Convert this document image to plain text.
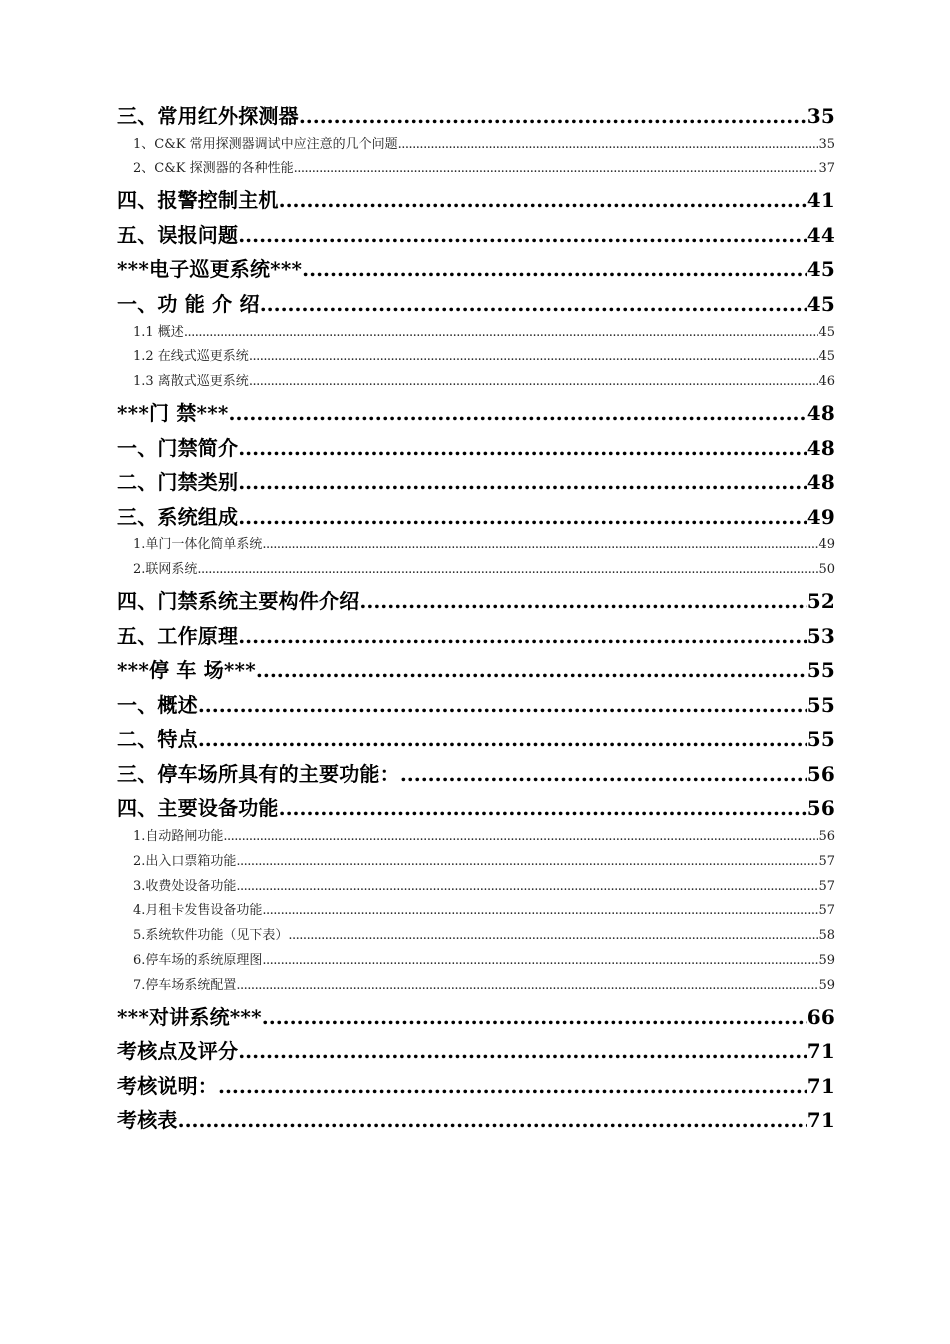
三、常用红外探测器 .....	35
1、C&K 常用探测器调试中应注意的几个问题 .....	35
2、C&K 探测器的各种性能 .....	37
四、报警控制主机 .....	41
五、误报问题 .....	44
***电子巡更系统*** .....	45
一、功 能 介 绍 .....	45
1.1 概述 .....	45
1.2 在线式巡更系统 .....	45
1.3 离散式巡更系统 .....	46
***门 禁*** .....	48
一、门禁简介 .....	48
二、门禁类别 .....	48
三、系统组成 .....	49
1.单门一体化简单系统 .....	49
2.联网系统 .....	50
四、门禁系统主要构件介绍 .....	52
五、工作原理 .....	53
***停 车 场*** .....	55
一、概述 .....	55
二、特点 .....	55
三、停车场所具有的主要功能： .....	56
四、主要设备功能 .....	56
1.自动路闸功能 .....	56
2.出入口票箱功能 .....	57
3.收费处设备功能 .....	57
4.月租卡发售设备功能 .....	57
5.系统软件功能（见下表） .....	58
6.停车场的系统原理图 .....	59
7.停车场系统配置 .....	59
***对讲系统*** .....	66
考核点及评分 .....	71
考核说明： .....	71
考核表 .....	71
